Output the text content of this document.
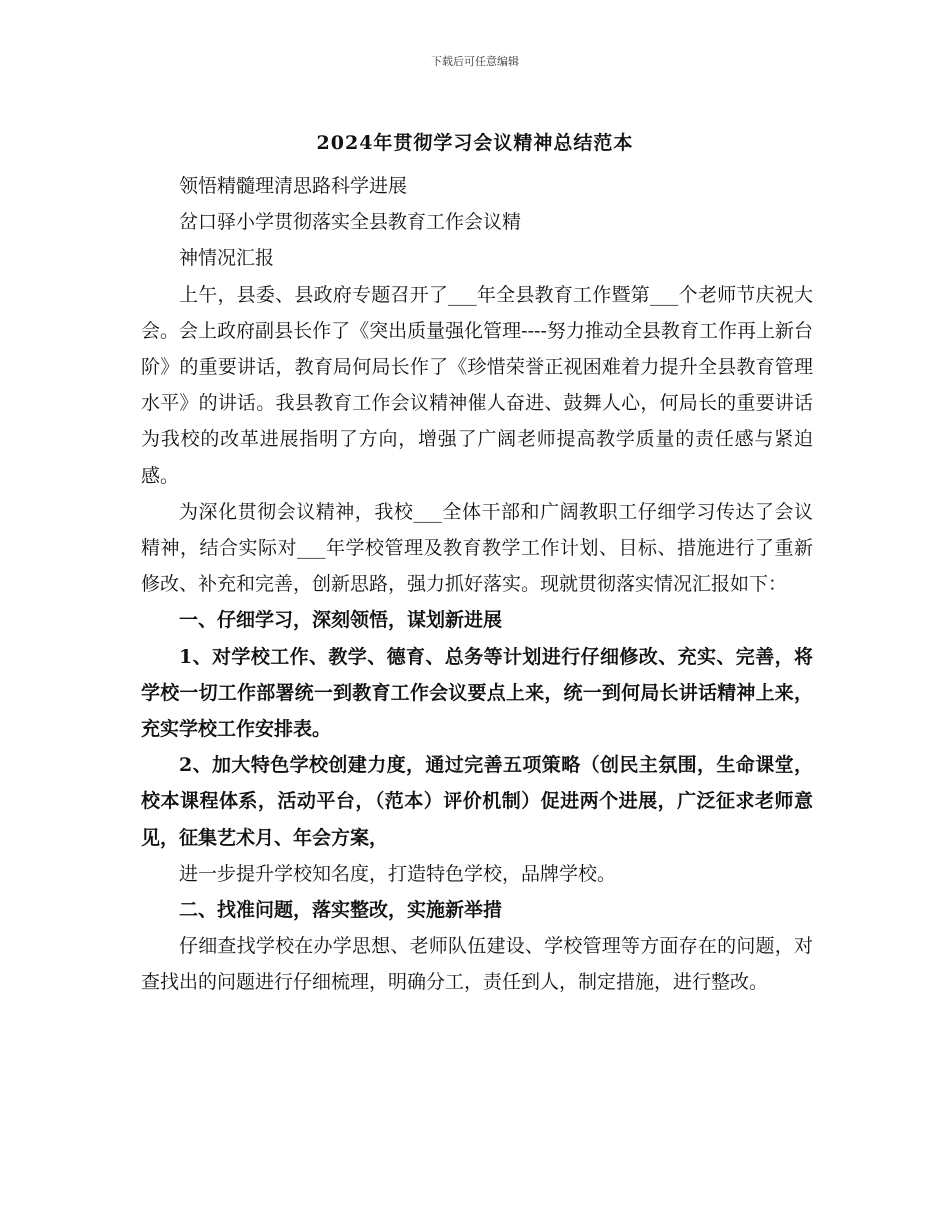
下载后可任意编辑
2024年贯彻学习会议精神总结范本

领悟精髓理清思路科学进展

岔口驿小学贯彻落实全县教育工作会议精

神情况汇报

上午，县委、县政府专题召开了___年全县教育工作暨第___个老师节庆祝大会。会上政府副县长作了《突出质量强化管理----努力推动全县教育工作再上新台阶》的重要讲话，教育局何局长作了《珍惜荣誉正视困难着力提升全县教育管理水平》的讲话。我县教育工作会议精神催人奋进、鼓舞人心，何局长的重要讲话为我校的改革进展指明了方向，增强了广阔老师提高教学质量的责任感与紧迫感。

为深化贯彻会议精神，我校___全体干部和广阔教职工仔细学习传达了会议精神，结合实际对___年学校管理及教育教学工作计划、目标、措施进行了重新修改、补充和完善，创新思路，强力抓好落实。现就贯彻落实情况汇报如下：

一、仔细学习，深刻领悟，谋划新进展

1、对学校工作、教学、德育、总务等计划进行仔细修改、充实、完善，将学校一切工作部署统一到教育工作会议要点上来，统一到何局长讲话精神上来，充实学校工作安排表。

2、加大特色学校创建力度，通过完善五项策略（创民主氛围，生命课堂，校本课程体系，活动平台，（范本）评价机制）促进两个进展，广泛征求老师意见，征集艺术月、年会方案，

进一步提升学校知名度，打造特色学校，品牌学校。

二、找准问题，落实整改，实施新举措

仔细查找学校在办学思想、老师队伍建设、学校管理等方面存在的问题，对查找出的问题进行仔细梳理，明确分工，责任到人，制定措施，进行整改。
